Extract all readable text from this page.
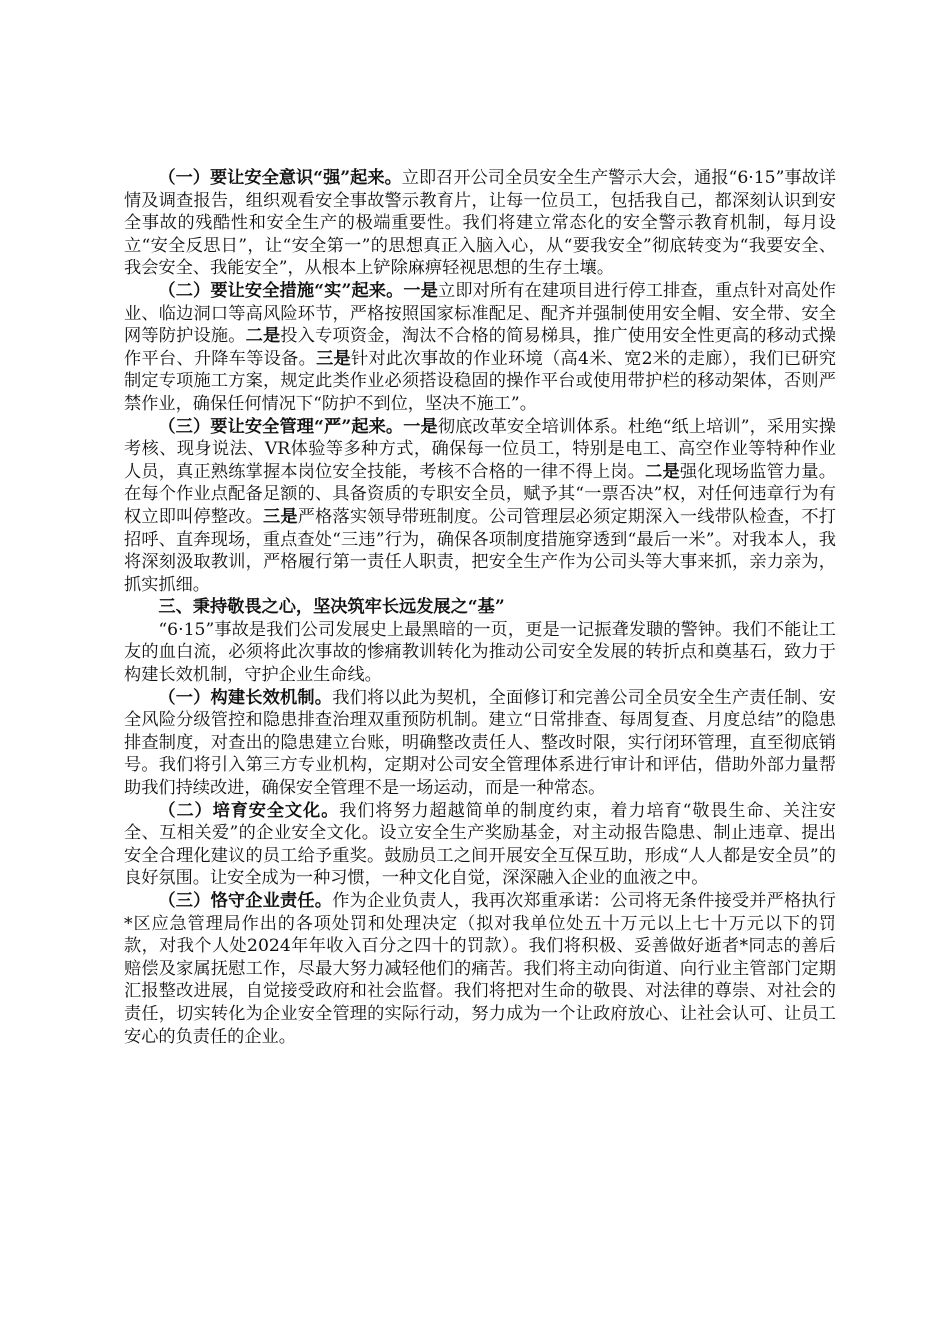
（一）要让安全意识“强”起来。立即召开公司全员安全生产警示大会，通报“6·15”事故详情及调查报告，组织观看安全事故警示教育片，让每一位员工，包括我自己，都深刻认识到安全事故的残酷性和安全生产的极端重要性。我们将建立常态化的安全警示教育机制，每月设立“安全反思日”，让“安全第一”的思想真正入脑入心，从“要我安全”彻底转变为“我要安全、我会安全、我能安全”，从根本上铲除麻痹轻视思想的生存土壤。

（二）要让安全措施“实”起来。一是立即对所有在建项目进行停工排查，重点针对高处作业、临边洞口等高风险环节，严格按照国家标准配足、配齐并强制使用安全帽、安全带、安全网等防护设施。二是投入专项资金，淘汰不合格的简易梯具，推广使用安全性更高的移动式操作平台、升降车等设备。三是针对此次事故的作业环境（高4米、宽2米的走廊），我们已研究制定专项施工方案，规定此类作业必须搭设稳固的操作平台或使用带护栏的移动架体，否则严禁作业，确保任何情况下“防护不到位，坚决不施工”。

（三）要让安全管理“严”起来。一是彻底改革安全培训体系。杜绝“纸上培训”，采用实操考核、现身说法、VR体验等多种方式，确保每一位员工，特别是电工、高空作业等特种作业人员，真正熟练掌握本岗位安全技能，考核不合格的一律不得上岗。二是强化现场监管力量。在每个作业点配备足额的、具备资质的专职安全员，赋予其“一票否决”权，对任何违章行为有权立即叫停整改。三是严格落实领导带班制度。公司管理层必须定期深入一线带队检查，不打招呼、直奔现场，重点查处“三违”行为，确保各项制度措施穿透到“最后一米”。对我本人，我将深刻汲取教训，严格履行第一责任人职责，把安全生产作为公司头等大事来抓，亲力亲为，抓实抓细。

三、秉持敬畏之心，坚决筑牢长远发展之“基”

“6·15”事故是我们公司发展史上最黑暗的一页，更是一记振聋发聩的警钟。我们不能让工友的血白流，必须将此次事故的惨痛教训转化为推动公司安全发展的转折点和奠基石，致力于构建长效机制，守护企业生命线。

（一）构建长效机制。我们将以此为契机，全面修订和完善公司全员安全生产责任制、安全风险分级管控和隐患排查治理双重预防机制。建立“日常排查、每周复查、月度总结”的隐患排查制度，对查出的隐患建立台账，明确整改责任人、整改时限，实行闭环管理，直至彻底销号。我们将引入第三方专业机构，定期对公司安全管理体系进行审计和评估，借助外部力量帮助我们持续改进，确保安全管理不是一场运动，而是一种常态。

（二）培育安全文化。我们将努力超越简单的制度约束，着力培育“敬畏生命、关注安全、互相关爱”的企业安全文化。设立安全生产奖励基金，对主动报告隐患、制止违章、提出安全合理化建议的员工给予重奖。鼓励员工之间开展安全互保互助，形成“人人都是安全员”的良好氛围。让安全成为一种习惯，一种文化自觉，深深融入企业的血液之中。

（三）恪守企业责任。作为企业负责人，我再次郑重承诺：公司将无条件接受并严格执行*区应急管理局作出的各项处罚和处理决定（拟对我单位处五十万元以上七十万元以下的罚款，对我个人处2024年年收入百分之四十的罚款）。我们将积极、妥善做好逝者*同志的善后赔偿及家属抚慰工作，尽最大努力减轻他们的痛苦。我们将主动向街道、向行业主管部门定期汇报整改进展，自觉接受政府和社会监督。我们将把对生命的敬畏、对法律的尊崇、对社会的责任，切实转化为企业安全管理的实际行动，努力成为一个让政府放心、让社会认可、让员工安心的负责任的企业。
